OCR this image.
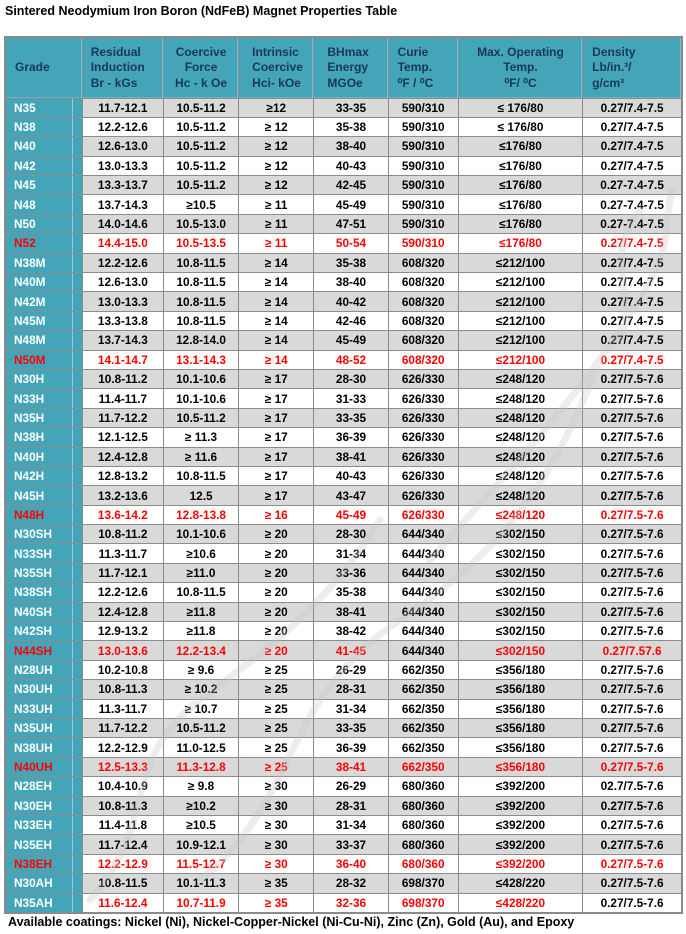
Sintered Neodymium Iron Boron (NdFeB) Magnet Properties Table
Grade

Residual
Induction
Br - kGs

Coercive
Force
Hc - k Oe

Intrinsic
Coercive
Hci- kOe

BHmax
Energy
MGOe

Curie
Temp.
⁰F / ⁰C

Max. Operating
Temp.
⁰F/ ⁰C

Density
Lb/in.³/
g/cm³

N35	11.7-12.1	10.5-11.2	≥12	33-35	590/310	≤ 176/80	0.27/7.4-7.5
N38	12.2-12.6	10.5-11.2	≥ 12	35-38	590/310	≤ 176/80	0.27/7.4-7.5
N40	12.6-13.0	10.5-11.2	≥ 12	38-40	590/310	≤176/80	0.27/7.4-7.5
N42	13.0-13.3	10.5-11.2	≥ 12	40-43	590/310	≤176/80	0.27/7.4-7.5
N45	13.3-13.7	10.5-11.2	≥ 12	42-45	590/310	≤176/80	0.27-7.4-7.5
N48	13.7-14.3	≥10.5	≥ 11	45-49	590/310	≤176/80	0.27-7.4-7.5
N50	14.0-14.6	10.5-13.0	≥ 11	47-51	590/310	≤176/80	0.27-7.4-7.5
N52	14.4-15.0	10.5-13.5	≥ 11	50-54	590/310	≤176/80	0.27/7.4-7.5
N38M	12.2-12.6	10.8-11.5	≥ 14	35-38	608/320	≤212/100	0.27/7.4-7.5
N40M	12.6-13.0	10.8-11.5	≥ 14	38-40	608/320	≤212/100	0.27/7.4-7.5
N42M	13.0-13.3	10.8-11.5	≥ 14	40-42	608/320	≤212/100	0.27/7.4-7.5
N45M	13.3-13.8	10.8-11.5	≥ 14	42-46	608/320	≤212/100	0.27/7.4-7.5
N48M	13.7-14.3	12.8-14.0	≥ 14	45-49	608/320	≤212/100	0.27/7.4-7.5
N50M	14.1-14.7	13.1-14.3	≥ 14	48-52	608/320	≤212/100	0.27/7.4-7.5
N30H	10.8-11.2	10.1-10.6	≥ 17	28-30	626/330	≤248/120	0.27/7.5-7.6
N33H	11.4-11.7	10.1-10.6	≥ 17	31-33	626/330	≤248/120	0.27/7.5-7.6
N35H	11.7-12.2	10.5-11.2	≥ 17	33-35	626/330	≤248/120	0.27/7.5-7.6
N38H	12.1-12.5	≥ 11.3	≥ 17	36-39	626/330	≤248/120	0.27/7.5-7.6
N40H	12.4-12.8	≥ 11.6	≥ 17	38-41	626/330	≤248/120	0.27/7.5-7.6
N42H	12.8-13.2	10.8-11.5	≥ 17	40-43	626/330	≤248/120	0.27/7.5-7.6
N45H	13.2-13.6	12.5	≥ 17	43-47	626/330	≤248/120	0.27/7.5-7.6
N48H	13.6-14.2	12.8-13.8	≥ 16	45-49	626/330	≤248/120	0.27/7.5-7.6
N30SH	10.8-11.2	10.1-10.6	≥ 20	28-30	644/340	≤302/150	0.27/7.5-7.6
N33SH	11.3-11.7	≥10.6	≥ 20	31-34	644/340	≤302/150	0.27/7.5-7.6
N35SH	11.7-12.1	≥11.0	≥ 20	33-36	644/340	≤302/150	0.27/7.5-7.6
N38SH	12.2-12.6	10.8-11.5	≥ 20	35-38	644/340	≤302/150	0.27/7.5-7.6
N40SH	12.4-12.8	≥11.8	≥ 20	38-41	644/340	≤302/150	0.27/7.5-7.6
N42SH	12.9-13.2	≥11.8	≥ 20	38-42	644/340	≤302/150	0.27/7.5-7.6
N44SH	13.0-13.6	12.2-13.4	≥ 20	41-45	644/340	≤302/150	0.27/7.57.6
N28UH	10.2-10.8	≥ 9.6	≥ 25	26-29	662/350	≤356/180	0.27/7.5-7.6
N30UH	10.8-11.3	≥ 10.2	≥ 25	28-31	662/350	≤356/180	0.27/7.5-7.6
N33UH	11.3-11.7	≥ 10.7	≥ 25	31-34	662/350	≤356/180	0.27/7.5-7.6
N35UH	11.7-12.2	10.5-11.2	≥ 25	33-35	662/350	≤356/180	0.27/7.5-7.6
N38UH	12.2-12.9	11.0-12.5	≥ 25	36-39	662/350	≤356/180	0.27/7.5-7.6
N40UH	12.5-13.3	11.3-12.8	≥ 25	38-41	662/350	≤356/180	0.27/7.5-7.6
N28EH	10.4-10.9	≥ 9.8	≥ 30	26-29	680/360	≤392/200	02.7/7.5-7.6
N30EH	10.8-11.3	≥10.2	≥ 30	28-31	680/360	≤392/200	0.27/7.5-7.6
N33EH	11.4-11.8	≥10.5	≥ 30	31-34	680/360	≤392/200	0.27/7.5-7.6
N35EH	11.7-12.4	10.9-12.1	≥ 30	33-37	680/360	≤392/200	0.27/7.5-7.6
N38EH	12.2-12.9	11.5-12.7	≥ 30	36-40	680/360	≤392/200	0.27/7.5-7.6
N30AH	10.8-11.5	10.1-11.3	≥ 35	28-32	698/370	≤428/220	0.27/7.5-7.6
N35AH	11.6-12.4	10.7-11.9	≥ 35	32-36	698/370	≤428/220	0.27/7.5-7.6
Available coatings: Nickel (Ni), Nickel-Copper-Nickel (Ni-Cu-Ni), Zinc (Zn), Gold (Au), and Epoxy
